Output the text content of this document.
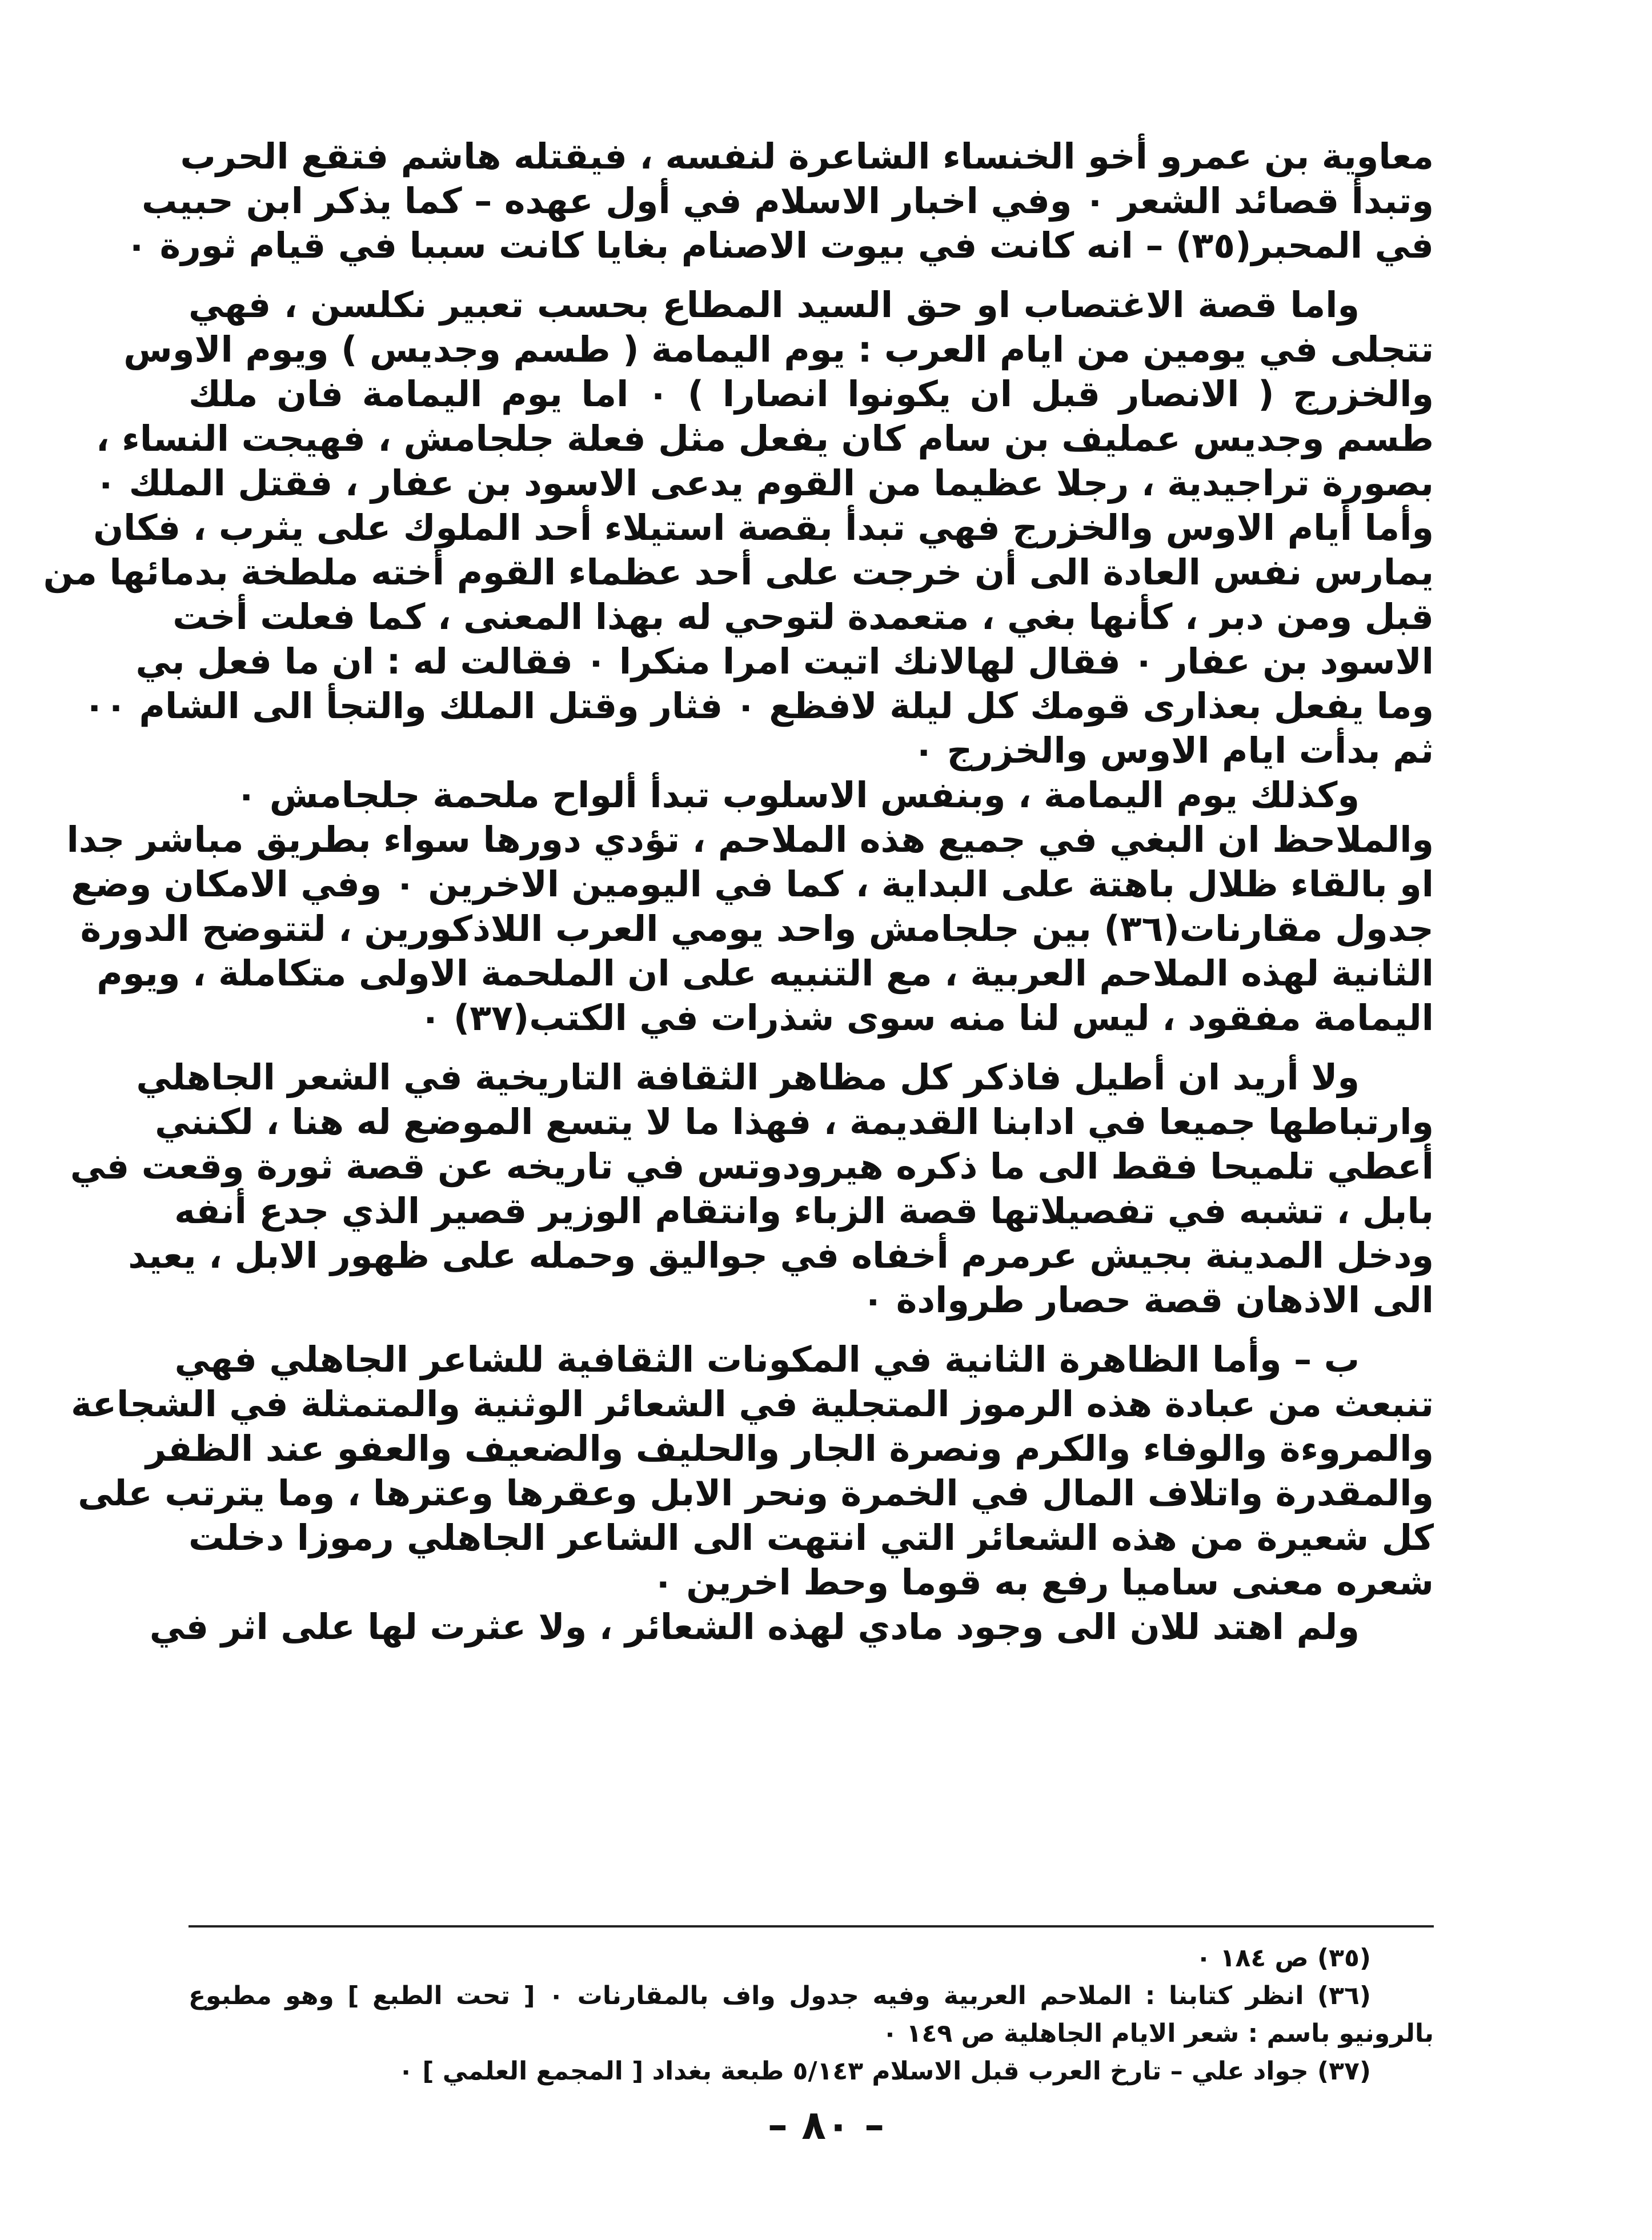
معاوية بن عمرو أخو الخنساء الشاعرة لنفسه ، فيقتله هاشم فتقع الحرب
وتبدأ قصائد الشعر ٠ وفي اخبار الاسلام في أول عهده – كما يذكر ابن حبيب
في المحبر(٣٥) – انه كانت في بيوت الاصنام بغايا كانت سببا في قيام ثورة ٠
واما قصة الاغتصاب او حق السيد المطاع بحسب تعبير نكلسن ، فهي
تتجلى في يومين من ايام العرب : يوم اليمامة ( طسم وجديس ) ويوم الاوس
والخزرج ( الانصار قبل ان يكونوا انصارا ) ٠ اما يوم اليمامة فان ملك
طسم وجديس عمليف بن سام كان يفعل مثل فعلة جلجامش ، فهيجت النساء ،
بصورة تراجيدية ، رجلا عظيما من القوم يدعى الاسود بن عفار ، فقتل الملك ٠
وأما أيام الاوس والخزرج فهي تبدأ بقصة استيلاء أحد الملوك على يثرب ، فكان
يمارس نفس العادة الى أن خرجت على أحد عظماء القوم أخته ملطخة بدمائها من
قبل ومن دبر ، كأنها بغي ، متعمدة لتوحي له بهذا المعنى ، كما فعلت أخت
الاسود بن عفار ٠ فقال لهالانك اتيت امرا منكرا ٠ فقالت له : ان ما فعل بي
وما يفعل بعذارى قومك كل ليلة لافظع ٠ فثار وقتل الملك والتجأ الى الشام ٠٠
ثم بدأت ايام الاوس والخزرج ٠
وكذلك يوم اليمامة ، وبنفس الاسلوب تبدأ ألواح ملحمة جلجامش ٠
والملاحظ ان البغي في جميع هذه الملاحم ، تؤدي دورها سواء بطريق مباشر جدا
او بالقاء ظلال باهتة على البداية ، كما في اليومين الاخرين ٠ وفي الامكان وضع
جدول مقارنات(٣٦) بين جلجامش واحد يومي العرب اللاذكورين ، لتتوضح الدورة
الثانية لهذه الملاحم العربية ، مع التنبيه على ان الملحمة الاولى متكاملة ، ويوم
اليمامة مفقود ، ليس لنا منه سوى شذرات في الكتب(٣٧) ٠
ولا أريد ان أطيل فاذكر كل مظاهر الثقافة التاريخية في الشعر الجاهلي
وارتباطها جميعا في ادابنا القديمة ، فهذا ما لا يتسع الموضع له هنا ، لكنني
أعطي تلميحا فقط الى ما ذكره هيرودوتس في تاريخه عن قصة ثورة وقعت في
بابل ، تشبه في تفصيلاتها قصة الزباء وانتقام الوزير قصير الذي جدع أنفه
ودخل المدينة بجيش عرمرم أخفاه في جواليق وحمله على ظهور الابل ، يعيد
الى الاذهان قصة حصار طروادة ٠
ب – وأما الظاهرة الثانية في المكونات الثقافية للشاعر الجاهلي فهي
تنبعث من عبادة هذه الرموز المتجلية في الشعائر الوثنية والمتمثلة في الشجاعة
والمروءة والوفاء والكرم ونصرة الجار والحليف والضعيف والعفو عند الظفر
والمقدرة واتلاف المال في الخمرة ونحر الابل وعقرها وعترها ، وما يترتب على
كل شعيرة من هذه الشعائر التي انتهت الى الشاعر الجاهلي رموزا دخلت
شعره معنى ساميا رفع به قوما وحط اخرين ٠
ولم اهتد للان الى وجود مادي لهذه الشعائر ، ولا عثرت لها على اثر في
(٣٥) ص ١٨٤ ٠
(٣٦) انظر كتابنا : الملاحم العربية وفيه جدول واف بالمقارنات ٠ [ تحت الطبع ] وهو مطبوع
بالرونيو باسم : شعر الايام الجاهلية ص ١٤٩ ٠
(٣٧) جواد علي – تارخ العرب قبل الاسلام ٥/١٤٣ طبعة بغداد [ المجمع العلمي ] ٠
– ٨٠ –
